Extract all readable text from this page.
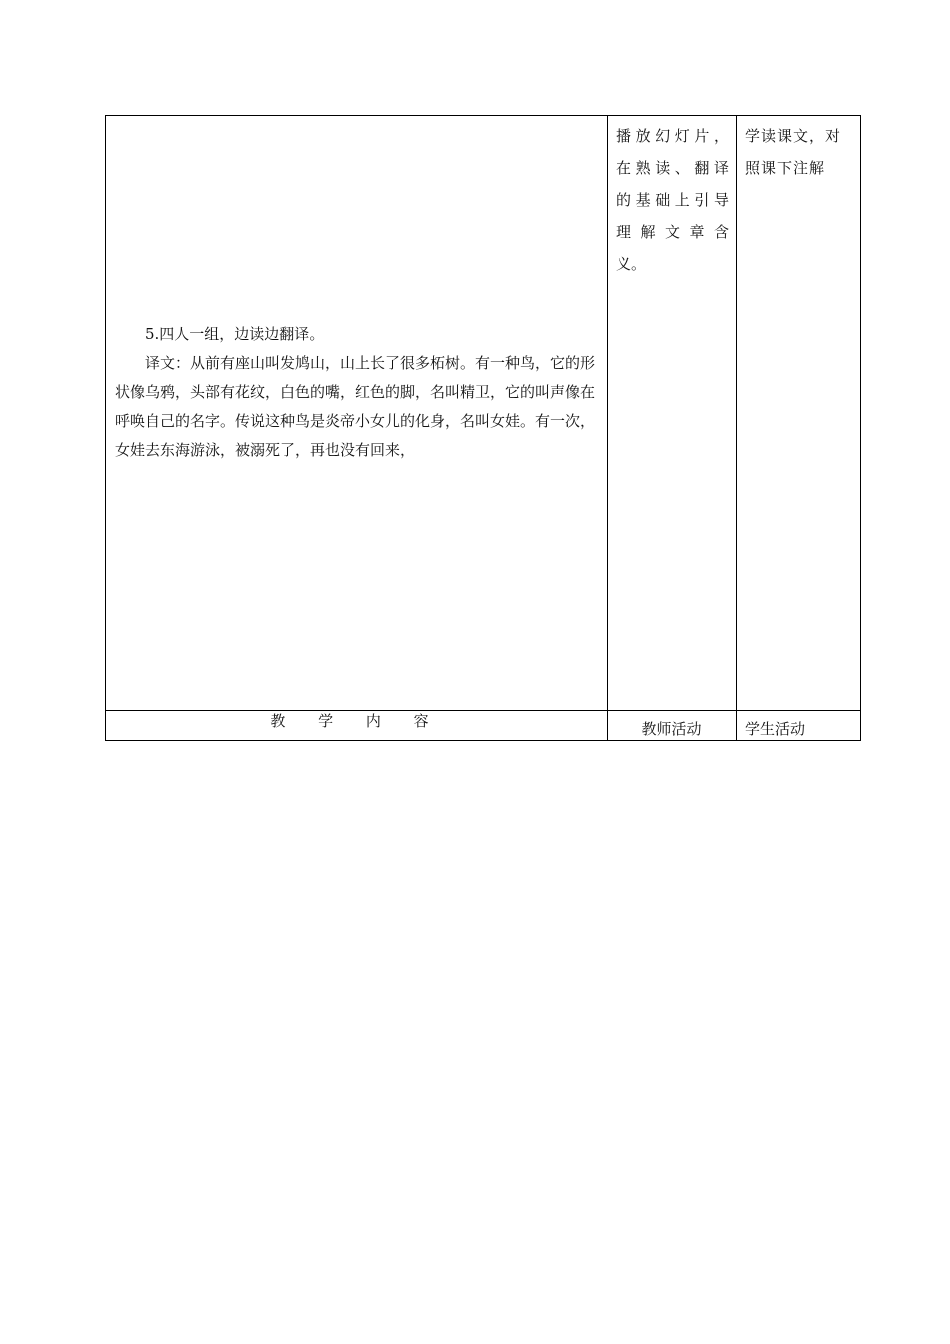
5.四人一组，边读边翻译。

译文：从前有座山叫发鸠山，山上长了很多柘树。有一种鸟，它的形状像乌鸦，头部有花纹，白色的嘴，红色的脚，名叫精卫，它的叫声像在呼唤自己的名字。传说这种鸟是炎帝小女儿的化身，名叫女娃。有一次，女娃去东海游泳，被溺死了，再也没有回来，

播放幻灯片，

在熟读、翻译

的基础上引导

理解文章含

义。

学读课文，对

照课下注解

教 学 内 容	教师活动	学生活动
